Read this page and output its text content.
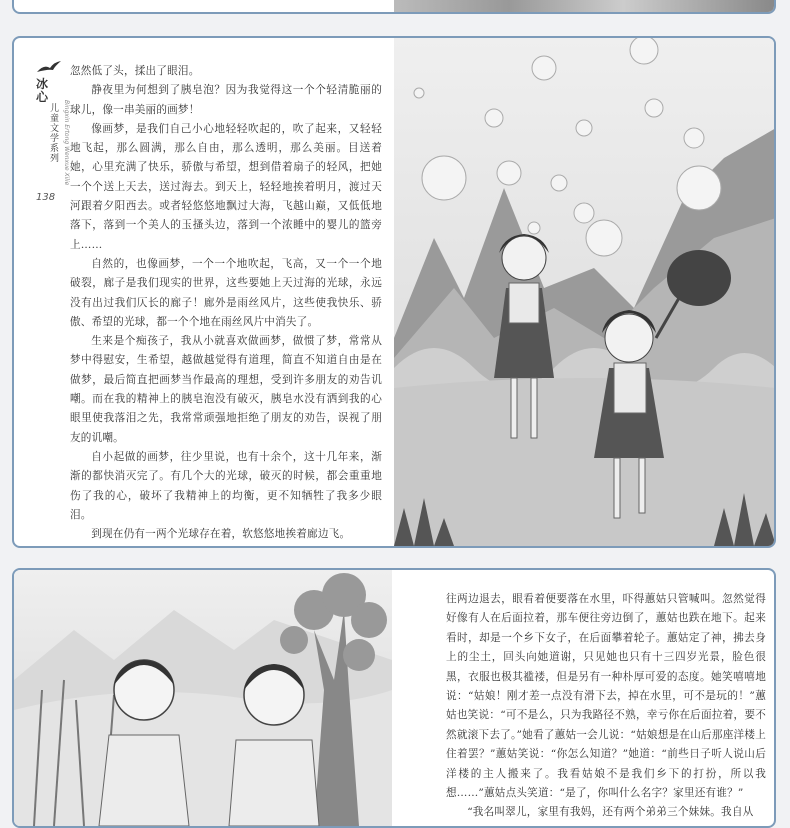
冰心
儿童文学系列 Bingxin Ertong Wenxue Xilie
138

忽然低了头，揉出了眼泪。

静夜里为何想到了胰皂泡？因为我觉得这一个个轻清脆丽的球儿，像一串美丽的画梦！

像画梦，是我们自己小心地轻轻吹起的，吹了起来，又轻轻地飞起，那么圆满，那么自由，那么透明，那么美丽。目送着她，心里充满了快乐，骄傲与希望，想到借着扇子的轻风，把她一个个送上天去，送过海去。到天上，轻轻地挨着明月，渡过天河跟着夕阳西去。或者轻悠悠地飘过大海，飞越山巅，又低低地落下，落到一个美人的玉搔头边，落到一个浓睡中的婴儿的篮旁上……

自然的，也像画梦，一个一个地吹起，飞高，又一个一个地破裂，廊子是我们现实的世界，这些要她上天过海的光球，永远没有出过我们仄长的廊子！廊外是雨丝风片，这些使我快乐、骄傲、希望的光球，都一个个地在雨丝风片中消失了。

生来是个痴孩子，我从小就喜欢做画梦，做惯了梦，常常从梦中得慰安，生希望，越做越觉得有道理，简直不知道自由是在做梦，最后简直把画梦当作最高的理想，受到许多朋友的劝告讥嘲。而在我的精神上的胰皂泡没有破灭，胰皂水没有洒到我的心眼里使我落泪之先，我常常顽强地拒绝了朋友的劝告，误视了朋友的讥嘲。

自小起做的画梦，往少里说，也有十余个，这十几年来，渐渐的都快消灭完了。有几个大的光球，破灭的时候，都会重重地伤了我的心，破坏了我精神上的均衡，更不知牺牲了我多少眼泪。

到现在仍有一两个光球存在着，软悠悠地挨着廊边飞。

往两边退去，眼看着便要落在水里，吓得蕙姑只管喊叫。忽然觉得好像有人在后面拉着，那车便往旁边倒了，蕙姑也跌在地下。起来看时，却是一个乡下女子，在后面攀着轮子。蕙姑定了神，拂去身上的尘土，回头向她道谢，只见她也只有十三四岁光景，脸色很黑，衣服也极其褴褛，但是另有一种朴厚可爱的态度。她笑嘻嘻地说：“姑娘！刚才差一点没有滑下去，掉在水里，可不是玩的！”蕙姑也笑说：“可不是么，只为我路径不熟，幸亏你在后面拉着，要不然就滚下去了。”她看了蕙姑一会儿说：“姑娘想是在山后那座洋楼上住着罢？”蕙姑笑说：“你怎么知道？”她道：“前些日子听人说山后洋楼的主人搬来了。我看姑娘不是我们乡下的打扮，所以我想……”蕙姑点头笑道：“是了，你叫什么名字？家里还有谁？”

“我名叫翠儿，家里有我妈，还有两个弟弟三个妹妹。我自从
